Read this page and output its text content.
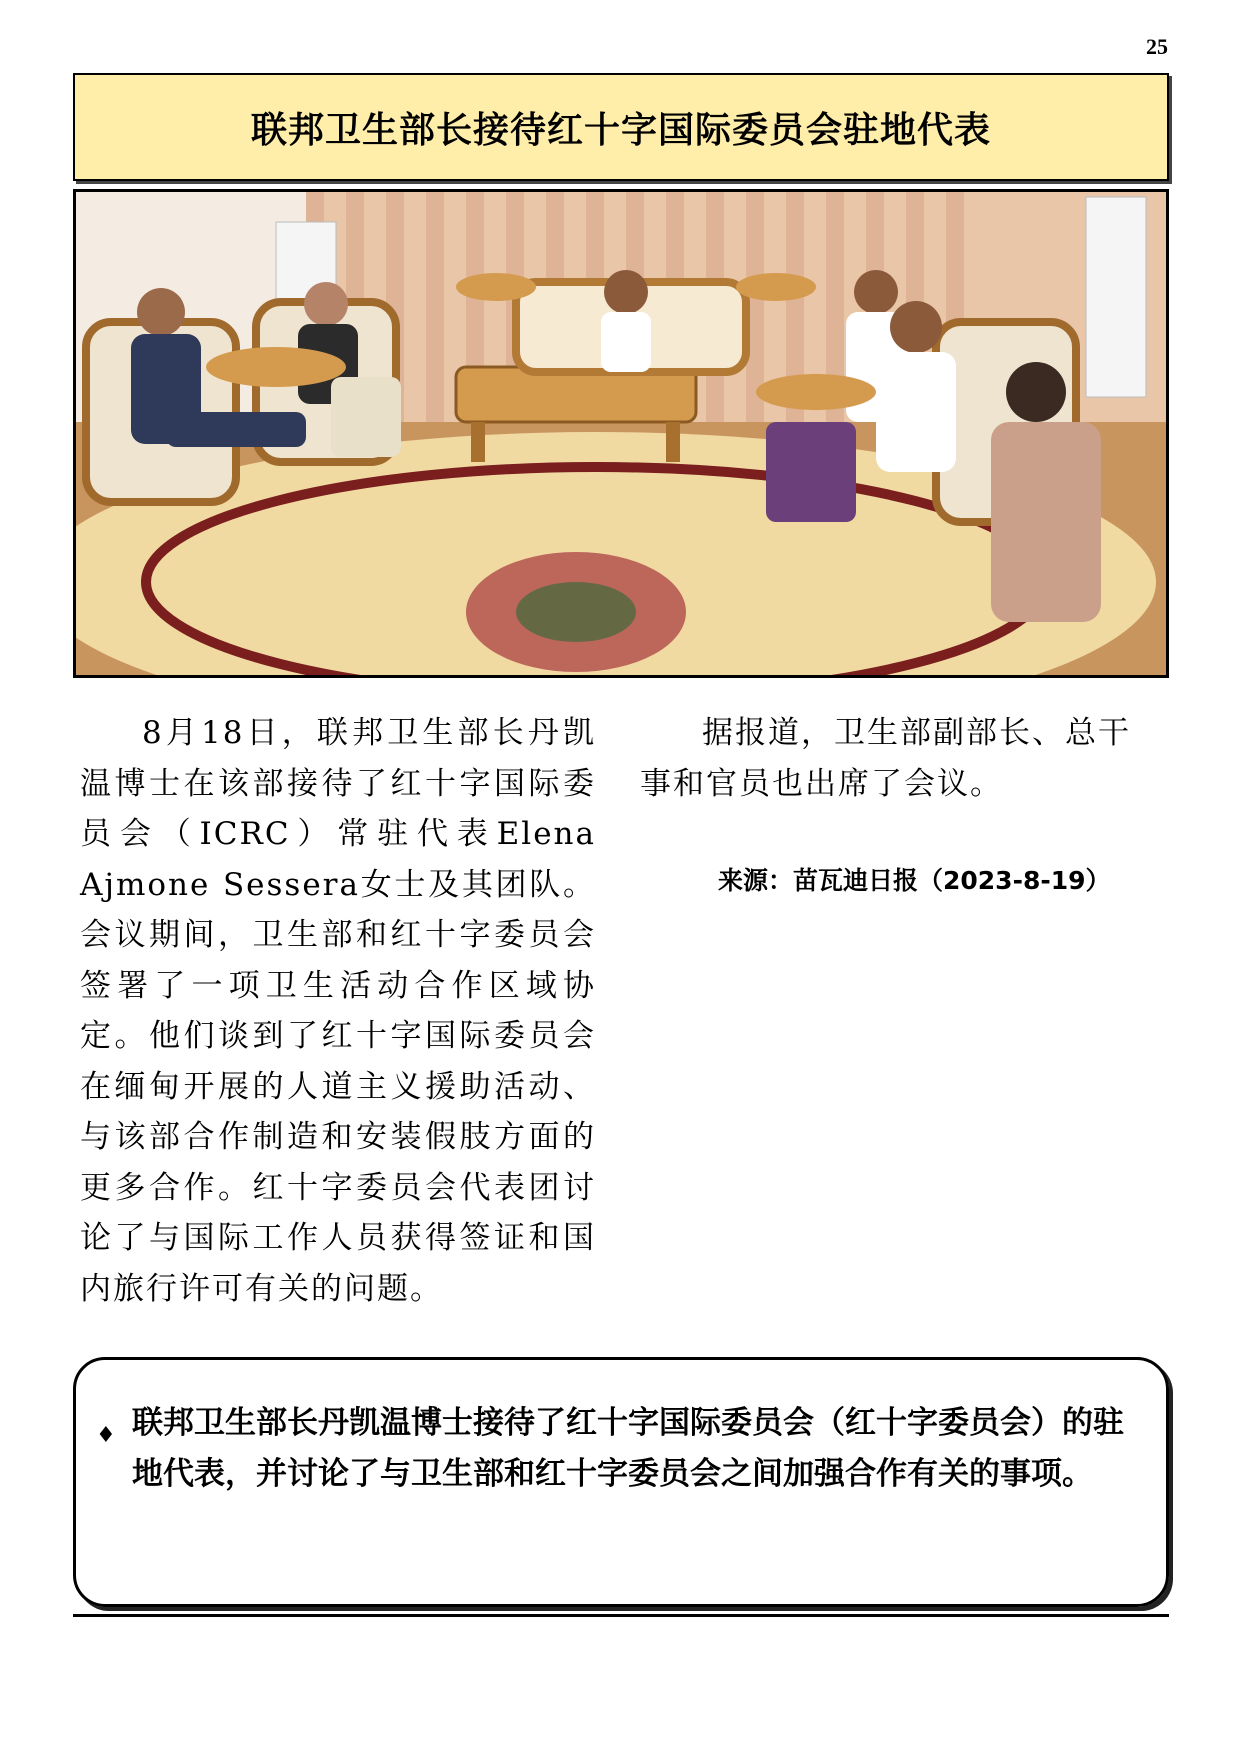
25
联邦卫生部长接待红十字国际委员会驻地代表

8月18日，联邦卫生部长丹凯温博士在该部接待了红十字国际委员会（ICRC）常驻代表Elena Ajmone Sessera女士及其团队。会议期间，卫生部和红十字委员会签署了一项卫生活动合作区域协定。他们谈到了红十字国际委员会在缅甸开展的人道主义援助活动、与该部合作制造和安装假肢方面的更多合作。红十字委员会代表团讨论了与国际工作人员获得签证和国内旅行许可有关的问题。

据报道，卫生部副部长、总干事和官员也出席了会议。

来源：苗瓦迪日报（2023-8-19）
♦ 联邦卫生部长丹凯温博士接待了红十字国际委员会（红十字委员会）的驻地代表，并讨论了与卫生部和红十字委员会之间加强合作有关的事项。
